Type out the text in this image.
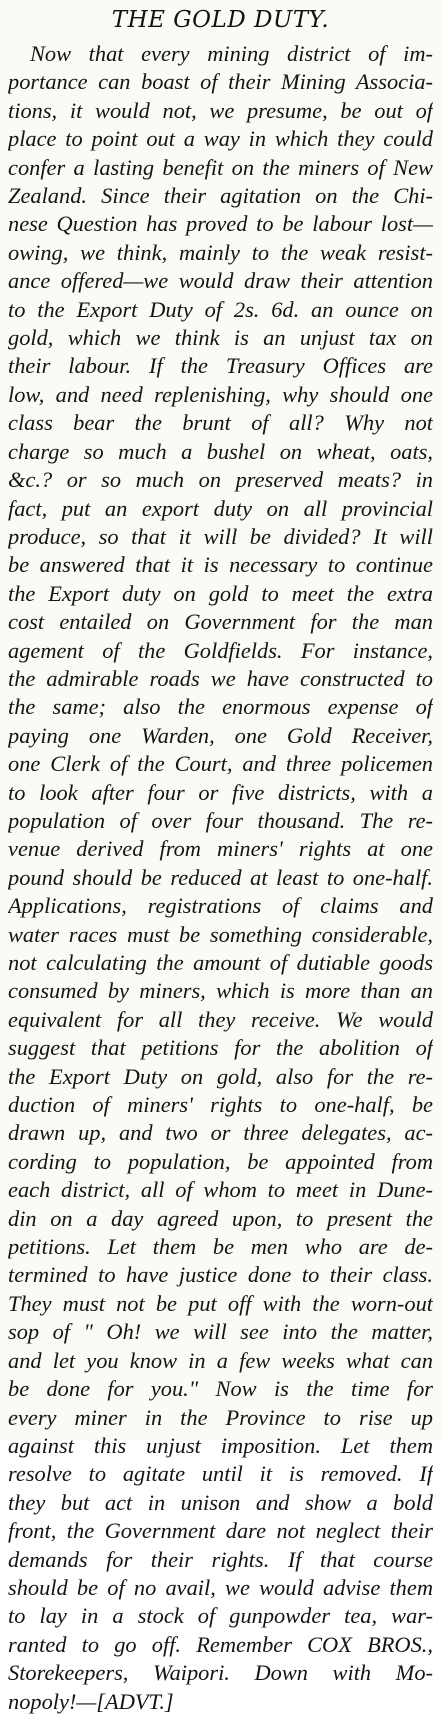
THE GOLD DUTY.
Now that every mining district of im-
portance can boast of their Mining Associa-
tions, it would not, we presume, be out of
place to point out a way in which they could
confer a lasting benefit on the miners of New
Zealand. Since their agitation on the Chi-
nese Question has proved to be labour lost—
owing, we think, mainly to the weak resist-
ance offered—we would draw their attention
to the Export Duty of 2s. 6d. an ounce on
gold, which we think is an unjust tax on
their labour. If the Treasury Offices are
low, and need replenishing, why should one
class bear the brunt of all? Why not
charge so much a bushel on wheat, oats,
&c.? or so much on preserved meats? in
fact, put an export duty on all provincial
produce, so that it will be divided? It will
be answered that it is necessary to continue
the Export duty on gold to meet the extra
cost entailed on Government for the man
agement of the Goldfields. For instance,
the admirable roads we have constructed to
the same; also the enormous expense of
paying one Warden, one Gold Receiver,
one Clerk of the Court, and three policemen
to look after four or five districts, with a
population of over four thousand. The re-
venue derived from miners' rights at one
pound should be reduced at least to one-half.
Applications, registrations of claims and
water races must be something considerable,
not calculating the amount of dutiable goods
consumed by miners, which is more than an
equivalent for all they receive. We would
suggest that petitions for the abolition of
the Export Duty on gold, also for the re-
duction of miners' rights to one-half, be
drawn up, and two or three delegates, ac-
cording to population, be appointed from
each district, all of whom to meet in Dune-
din on a day agreed upon, to present the
petitions. Let them be men who are de-
termined to have justice done to their class.
They must not be put off with the worn-out
sop of " Oh! we will see into the matter,
and let you know in a few weeks what can
be done for you." Now is the time for
every miner in the Province to rise up
against this unjust imposition. Let them
resolve to agitate until it is removed. If
they but act in unison and show a bold
front, the Government dare not neglect their
demands for their rights. If that course
should be of no avail, we would advise them
to lay in a stock of gunpowder tea, war-
ranted to go off. Remember COX BROS.,
Storekeepers, Waipori. Down with Mo-
nopoly!—[ADVT.]
